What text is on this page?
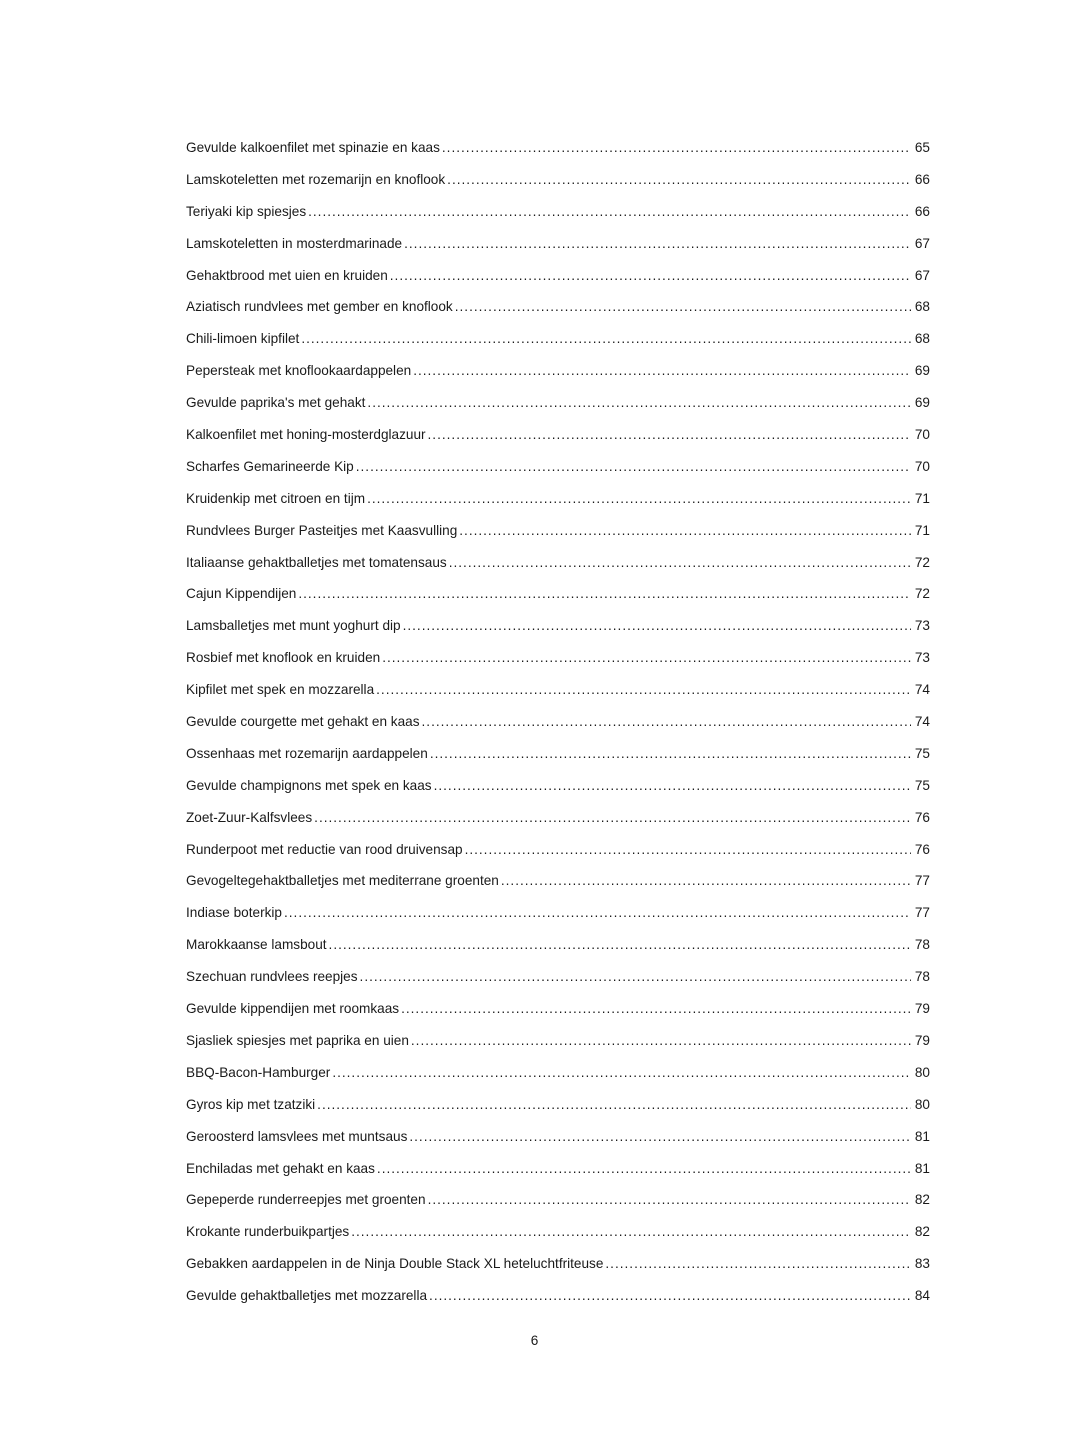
Gevulde kalkoenfilet met spinazie en kaas .....	65
Lamskoteletten met rozemarijn en knoflook .....	66
Teriyaki kip spiesjes .....	66
Lamskoteletten in mosterdmarinade .....	67
Gehaktbrood met uien en kruiden .....	67
Aziatisch rundvlees met gember en knoflook .....	68
Chili-limoen kipfilet .....	68
Pepersteak met knoflookaardappelen .....	69
Gevulde paprika's met gehakt .....	69
Kalkoenfilet met honing-mosterdglazuur .....	70
Scharfes Gemarineerde Kip .....	70
Kruidenkip met citroen en tijm .....	71
Rundvlees Burger Pasteitjes met Kaasvulling .....	71
Italiaanse gehaktballetjes met tomatensaus .....	72
Cajun Kippendijen .....	72
Lamsballetjes met munt yoghurt dip .....	73
Rosbief met knoflook en kruiden .....	73
Kipfilet met spek en mozzarella .....	74
Gevulde courgette met gehakt en kaas .....	74
Ossenhaas met rozemarijn aardappelen .....	75
Gevulde champignons met spek en kaas .....	75
Zoet-Zuur-Kalfsvlees .....	76
Runderpoot met reductie van rood druivensap .....	76
Gevogeltegehaktballetjes met mediterrane groenten .....	77
Indiase boterkip .....	77
Marokkaanse lamsbout .....	78
Szechuan rundvlees reepjes .....	78
Gevulde kippendijen met roomkaas .....	79
Sjasliek spiesjes met paprika en uien .....	79
BBQ-Bacon-Hamburger .....	80
Gyros kip met tzatziki .....	80
Geroosterd lamsvlees met muntsaus .....	81
Enchiladas met gehakt en kaas .....	81
Gepeperde runderreepjes met groenten .....	82
Krokante runderbuikpartjes .....	82
Gebakken aardappelen in de Ninja Double Stack XL heteluchtfriteuse .....	83
Gevulde gehaktballetjes met mozzarella .....	84
6
